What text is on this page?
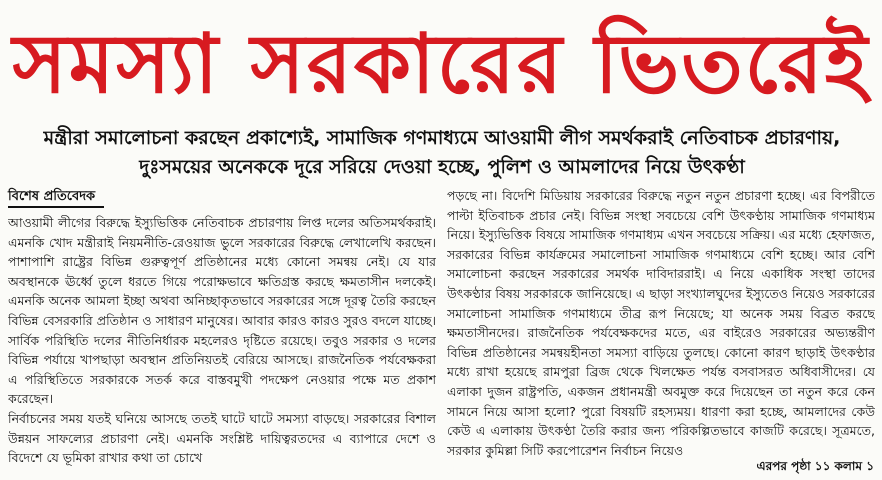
সমস্যা সরকারের ভিতরেই
মন্ত্রীরা সমালোচনা করছেন প্রকাশ্যেই, সামাজিক গণমাধ্যমে আওয়ামী লীগ সমর্থকরাই নেতিবাচক প্রচারণায়, দুঃসময়ের অনেককে দূরে সরিয়ে দেওয়া হচ্ছে, পুলিশ ও আমলাদের নিয়ে উৎকণ্ঠা
বিশেষ প্রতিবেদক

আওয়ামী লীগের বিরুদ্ধে ইস্যুভিত্তিক নেতিবাচক প্রচারণায় লিপ্ত দলের অতিসমর্থকরাই। এমনকি খোদ মন্ত্রীরাই নিয়মনীতি-রেওয়াজ ভুলে সরকারের বিরুদ্ধে লেখালেখি করছেন। পাশাপাশি রাষ্ট্রের বিভিন্ন গুরুত্বপূর্ণ প্রতিষ্ঠানের মধ্যে কোনো সমন্বয় নেই। যে যার অবস্থানকে ঊর্ধ্বে তুলে ধরতে গিয়ে পরোক্ষভাবে ক্ষতিগ্রস্ত করছে ক্ষমতাসীন দলকেই। এমনকি অনেক আমলা ইচ্ছা অথবা অনিচ্ছাকৃতভাবে সরকারের সঙ্গে দূরত্ব তৈরি করছেন বিভিন্ন বেসরকারি প্রতিষ্ঠান ও সাধারণ মানুষের। আবার কারও কারও সুরও বদলে যাচ্ছে। সার্বিক পরিস্থিতি দলের নীতিনির্ধারক মহলেরও দৃষ্টিতে রয়েছে। তবুও সরকার ও দলের বিভিন্ন পর্যায়ে খাপছাড়া অবস্থান প্রতিনিয়তই বেরিয়ে আসছে। রাজনৈতিক পর্যবেক্ষকরা এ পরিস্থিতিতে সরকারকে সতর্ক করে বাস্তবমুখী পদক্ষেপ নেওয়ার পক্ষে মত প্রকাশ করেছেন।

নির্বাচনের সময় যতই ঘনিয়ে আসছে ততই ঘাটে ঘাটে সমস্যা বাড়ছে। সরকারের বিশাল উন্নয়ন সাফল্যের প্রচারণা নেই। এমনকি সংশ্লিষ্ট দায়িত্বরতদের এ ব্যাপারে দেশে ও বিদেশে যে ভূমিকা রাখার কথা তা চোখে

পড়ছে না। বিদেশি মিডিয়ায় সরকারের বিরুদ্ধে নতুন নতুন প্রচারণা হচ্ছে। এর বিপরীতে পাল্টা ইতিবাচক প্রচার নেই। বিভিন্ন সংস্থা সবচেয়ে বেশি উৎকণ্ঠায় সামাজিক গণমাধ্যম নিয়ে। ইস্যুভিত্তিক বিষয়ে সামাজিক গণমাধ্যম এখন সবচেয়ে সক্রিয়। এর মধ্যে হেফাজত, সরকারের বিভিন্ন কার্যক্রমের সমালোচনা সামাজিক গণমাধ্যমে বেশি হচ্ছে। আর বেশি সমালোচনা করছেন সরকারের সমর্থক দাবিদাররাই। এ নিয়ে একাধিক সংস্থা তাদের উৎকণ্ঠার বিষয় সরকারকে জানিয়েছে। এ ছাড়া সংখ্যালঘুদের ইস্যুতেও নিয়েও সরকারের সমালোচনা সামাজিক গণমাধ্যমে তীব্র রূপ নিয়েছে; যা অনেক সময় বিব্রত করছে ক্ষমতাসীনদের। রাজনৈতিক পর্যবেক্ষকদের মতে, এর বাইরেও সরকারের অভ্যন্তরীণ বিভিন্ন প্রতিষ্ঠানের সমন্বয়হীনতা সমস্যা বাড়িয়ে তুলছে। কোনো কারণ ছাড়াই উৎকণ্ঠার মধ্যে রাখা হয়েছে রামপুরা ব্রিজ থেকে খিলক্ষেত পর্যন্ত বসবাসরত অধিবাসীদের। যে এলাকা দুজন রাষ্ট্রপতি, একজন প্রধানমন্ত্রী অবমুক্ত করে দিয়েছেন তা নতুন করে কেন সামনে নিয়ে আসা হলো? পুরো বিষয়টি রহস্যময়। ধারণা করা হচ্ছে, আমলাদের কেউ কেউ এ এলাকায় উৎকণ্ঠা তৈরি করার জন্য পরিকল্পিতভাবে কাজটি করেছে। সূত্রমতে, সরকার কুমিল্লা সিটি করপোরেশন নির্বাচন নিয়েও

এরপর পৃষ্ঠা ১১ কলাম ১
